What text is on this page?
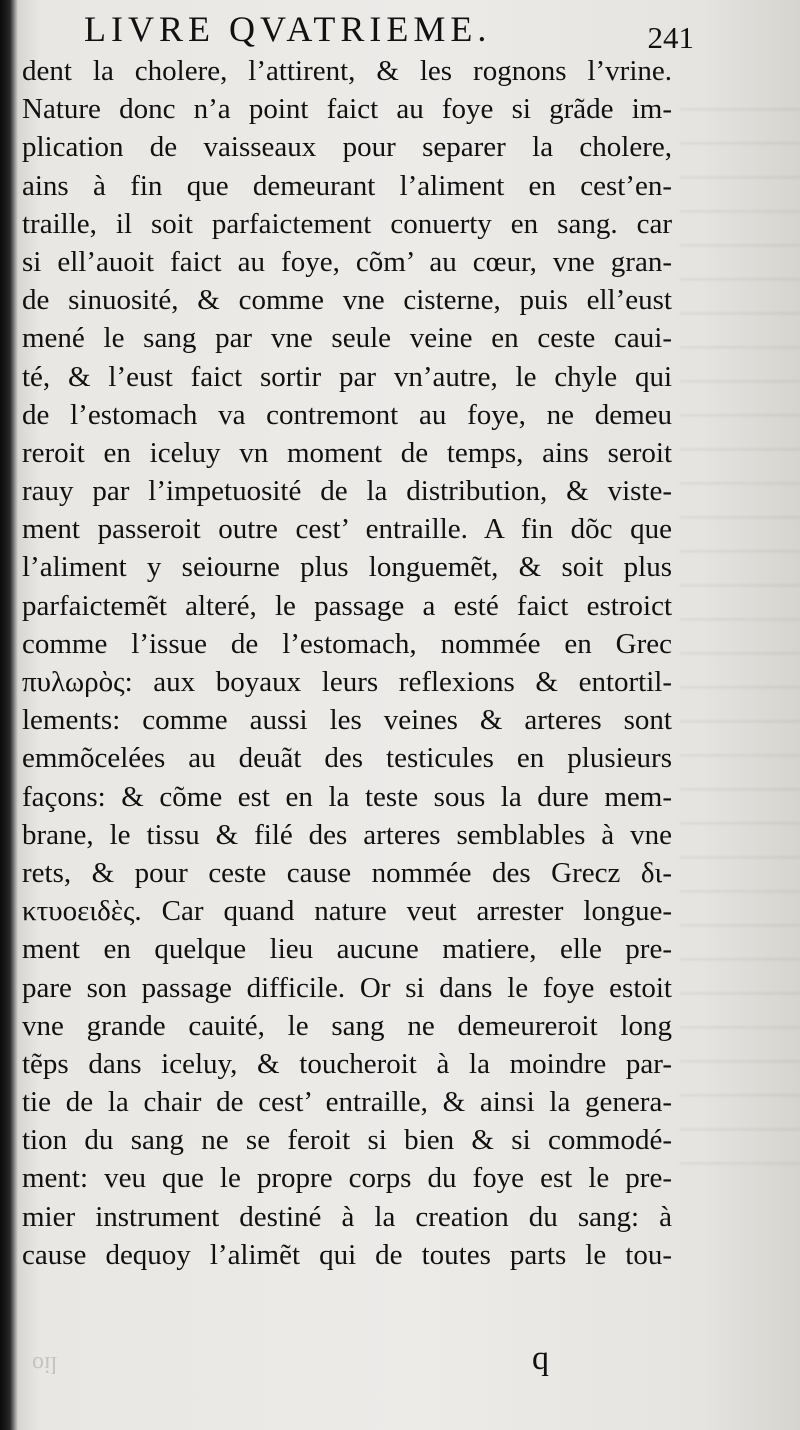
LIVRE QVATRIEME.	241
dent la cholere, l’attirent, & les rognons l’vrine.
Nature donc n’a point faict au foye si grãde im-
plication de vaisseaux pour separer la cholere,
ains à fin que demeurant l’aliment en cest’en-
traille, il soit parfaictement conuerty en sang. car
si ell’auoit faict au foye, cõm’ au cœur, vne gran-
de sinuosité, & comme vne cisterne, puis ell’eust
mené le sang par vne seule veine en ceste caui-
té, & l’eust faict sortir par vn’autre, le chyle qui
de l’estomach va contremont au foye, ne demeu
reroit en iceluy vn moment de temps, ains seroit
rauy par l’impetuosité de la distribution, & viste-
ment passeroit outre cest’ entraille. A fin dõc que
l’aliment y seiourne plus longuemẽt, & soit plus
parfaictemẽt alteré, le passage a esté faict estroict
comme l’issue de l’estomach, nommée en Grec
πυλωρὸς: aux boyaux leurs reflexions & entortil-
lements: comme aussi les veines & arteres sont
emmõcelées au deuãt des testicules en plusieurs
façons: & cõme est en la teste sous la dure mem-
brane, le tissu & filé des arteres semblables à vne
rets, & pour ceste cause nommée des Grecz δι-
κτυοειδὲς. Car quand nature veut arrester longue-
ment en quelque lieu aucune matiere, elle pre-
pare son passage difficile. Or si dans le foye estoit
vne grande cauité, le sang ne demeureroit long
tẽps dans iceluy, & toucheroit à la moindre par-
tie de la chair de cest’ entraille, & ainsi la genera-
tion du sang ne se feroit si bien & si commodé-
ment: veu que le propre corps du foye est le pre-
mier instrument destiné à la creation du sang: à
cause dequoy l’alimẽt qui de toutes parts le tou-
oil	q
